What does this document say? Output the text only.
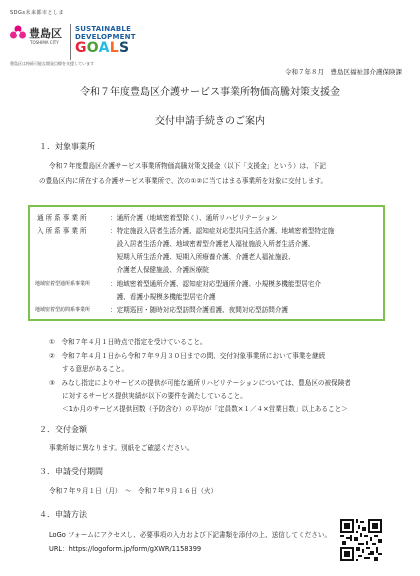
SDGs未来都市としま
豊島区
TOSHIMA CITY
SUSTAINABLE
DEVELOPMENT
GOALS
豊島区は持続可能な開発目標を支援しています
令和７年８月　豊島区福祉部介護保険課
令和７年度豊島区介護サービス事業所物価高騰対策支援金
交付申請手続きのご案内
１．対象事業所
令和７年度豊島区介護サービス事業所物価高騰対策支援金（以下「支援金」という）は、下記
の豊島区内に所在する介護サービス事業所で、次の①②に当てはまる事業所を対象に交付します。
通所系事業所	：通所介護（地域密着型除く）、通所リハビリテーション
入所系事業所	：特定施設入居者生活介護、認知症対応型共同生活介護、地域密着型特定施
　設入居者生活介護、地域密着型介護老人福祉施設入所者生活介護、
　短期入所生活介護、短期入所療養介護、介護老人福祉施設、
　介護老人保健施設、介護医療院
地域密着型通所系事業所	：地域密着型通所介護、認知症対応型通所介護、小規模多機能型居宅介
　護、看護小規模多機能型居宅介護
地域密着型訪問系事業所	：定期巡回・随時対応型訪問介護看護、夜間対応型訪問介護
①　令和７年４月１日時点で指定を受けていること。
②　令和７年４月１日から令和７年９月３０日までの間、交付対象事業所において事業を継続
　　する意思があること。
③　みなし指定によりサービスの提供が可能な通所リハビリテーションについては、豊島区の被保険者
　　に対するサービス提供実績が以下の要件を満たしていること。
　　＜1か月のサービス提供回数（予防含む）の平均が「定員数×１／４×営業日数」以上あること＞
２．交付金額
事業所毎に異なります。別紙をご確認ください。
３．申請受付期間
令和７年９月１日（月）　～　令和７年９月１６日（火）
４．申請方法
LoGo フォームにアクセスし、必要事項の入力および下記書類を添付の上、送信してください。
URL：https://logoform.jp/form/gXWR/1158399
